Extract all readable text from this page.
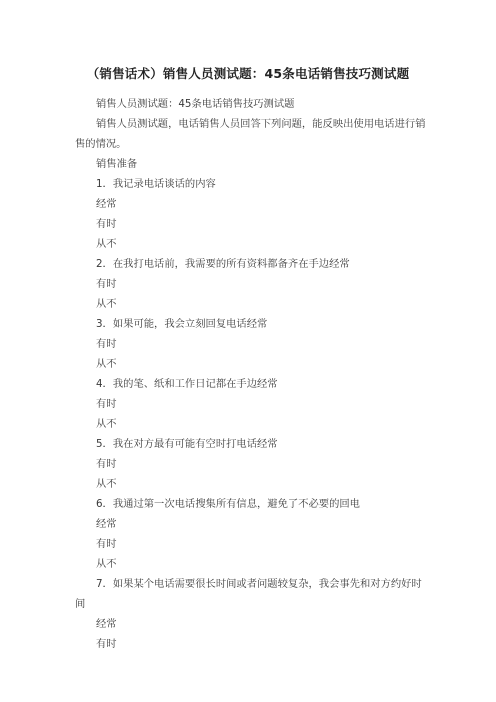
（销售话术）销售人员测试题：45条电话销售技巧测试题

销售人员测试题：45条电话销售技巧测试题

销售人员测试题，电话销售人员回答下列问题，能反映出使用电话进行销售的情况。

销售准备

1．我记录电话谈话的内容

经常

有时

从不

2．在我打电话前，我需要的所有资料都备齐在手边经常

有时

从不

3．如果可能，我会立刻回复电话经常

有时

从不

4．我的笔、纸和工作日记都在手边经常

有时

从不

5．我在对方最有可能有空时打电话经常

有时

从不

6．我通过第一次电话搜集所有信息，避免了不必要的回电

经常

有时

从不

7．如果某个电话需要很长时间或者问题较复杂，我会事先和对方约好时间

经常

有时
